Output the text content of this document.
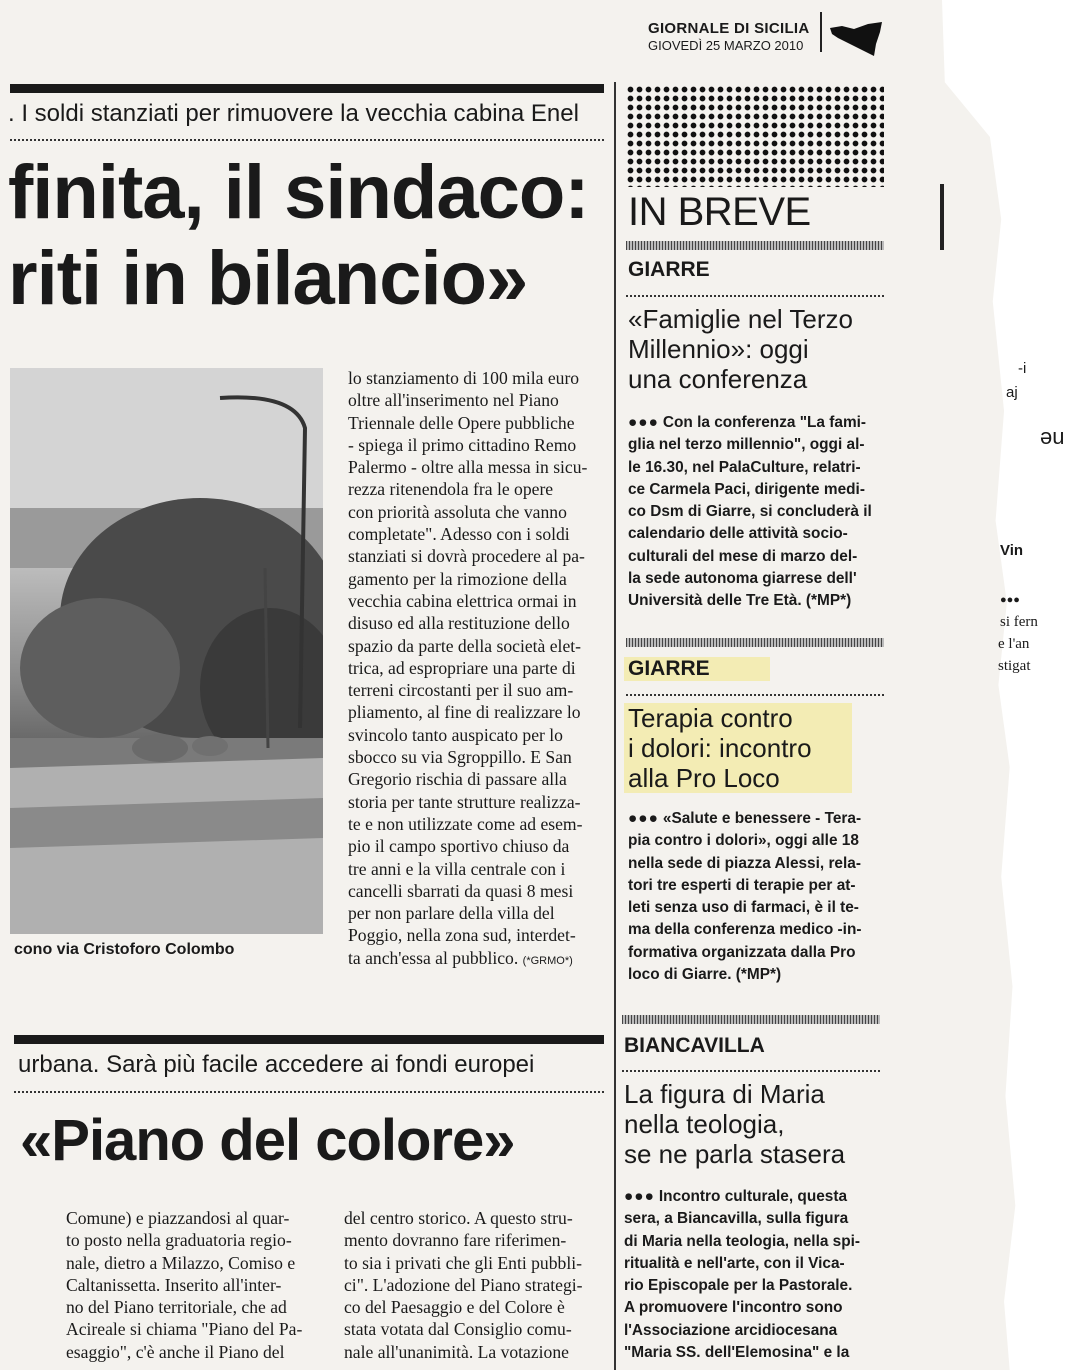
GIORNALE DI SICILIA
GIOVEDÌ 25 MARZO 2010
. I soldi stanziati per rimuovere la vecchia cabina Enel
finita, il sindaco:
riti in bilancio»
cono via Cristoforo Colombo
lo stanziamento di 100 mila euro
oltre all'inserimento nel Piano
Triennale delle Opere pubbliche
- spiega il primo cittadino Remo
Palermo - oltre alla messa in sicu-
rezza ritenendola fra le opere
con priorità assoluta che vanno
completate". Adesso con i soldi
stanziati si dovrà procedere al pa-
gamento per la rimozione della
vecchia cabina elettrica ormai in
disuso ed alla restituzione dello
spazio da parte della società elet-
trica, ad espropriare una parte di
terreni circostanti per il suo am-
pliamento, al fine di realizzare lo
svincolo tanto auspicato per lo
sbocco su via Sgroppillo. E San
Gregorio rischia di passare alla
storia per tante strutture realizza-
te e non utilizzate come ad esem-
pio il campo sportivo chiuso da
tre anni e la villa centrale con i
cancelli sbarrati da quasi 8 mesi
per non parlare della villa del
Poggio, nella zona sud, interdet-
ta anch'essa al pubblico. (*GRMO*)
IN BREVE
GIARRE
«Famiglie nel Terzo
Millennio»: oggi
una conferenza
●●● Con la conferenza "La fami-
glia nel terzo millennio", oggi al-
le 16.30, nel PalaCulture, relatri-
ce Carmela Paci, dirigente medi-
co Dsm di Giarre, si concluderà il
calendario delle attività socio-
culturali del mese di marzo del-
la sede autonoma giarrese dell'
Università delle Tre Età. (*MP*)
GIARRE
Terapia contro
i dolori: incontro
alla Pro Loco
●●● «Salute e benessere - Tera-
pia contro i dolori», oggi alle 18
nella sede di piazza Alessi, rela-
tori tre esperti di terapie per at-
leti senza uso di farmaci, è il te-
ma della conferenza medico -in-
formativa organizzata dalla Pro
loco di Giarre. (*MP*)
BIANCAVILLA
La figura di Maria
nella teologia,
se ne parla stasera
●●● Incontro culturale, questa
sera, a Biancavilla, sulla figura
di Maria nella teologia, nella spi-
ritualità e nell'arte, con il Vica-
rio Episcopale per la Pastorale.
A promuovere l'incontro sono
l'Associazione arcidiocesana
"Maria SS. dell'Elemosina" e la
-i
aj
əu
Vin
●●●
si fern
e l'an
stigat
urbana. Sarà più facile accedere ai fondi europei
«Piano del colore»
Comune) e piazzandosi al quar-
to posto nella graduatoria regio-
nale, dietro a Milazzo, Comiso e
Caltanissetta. Inserito all'inter-
no del Piano territoriale, che ad
Acireale si chiama "Piano del Pa-
esaggio", c'è anche il Piano del
del centro storico. A questo stru-
mento dovranno fare riferimen-
to sia i privati che gli Enti pubbli-
ci". L'adozione del Piano strategi-
co del Paesaggio e del Colore è
stata votata dal Consiglio comu-
nale all'unanimità. La votazione
